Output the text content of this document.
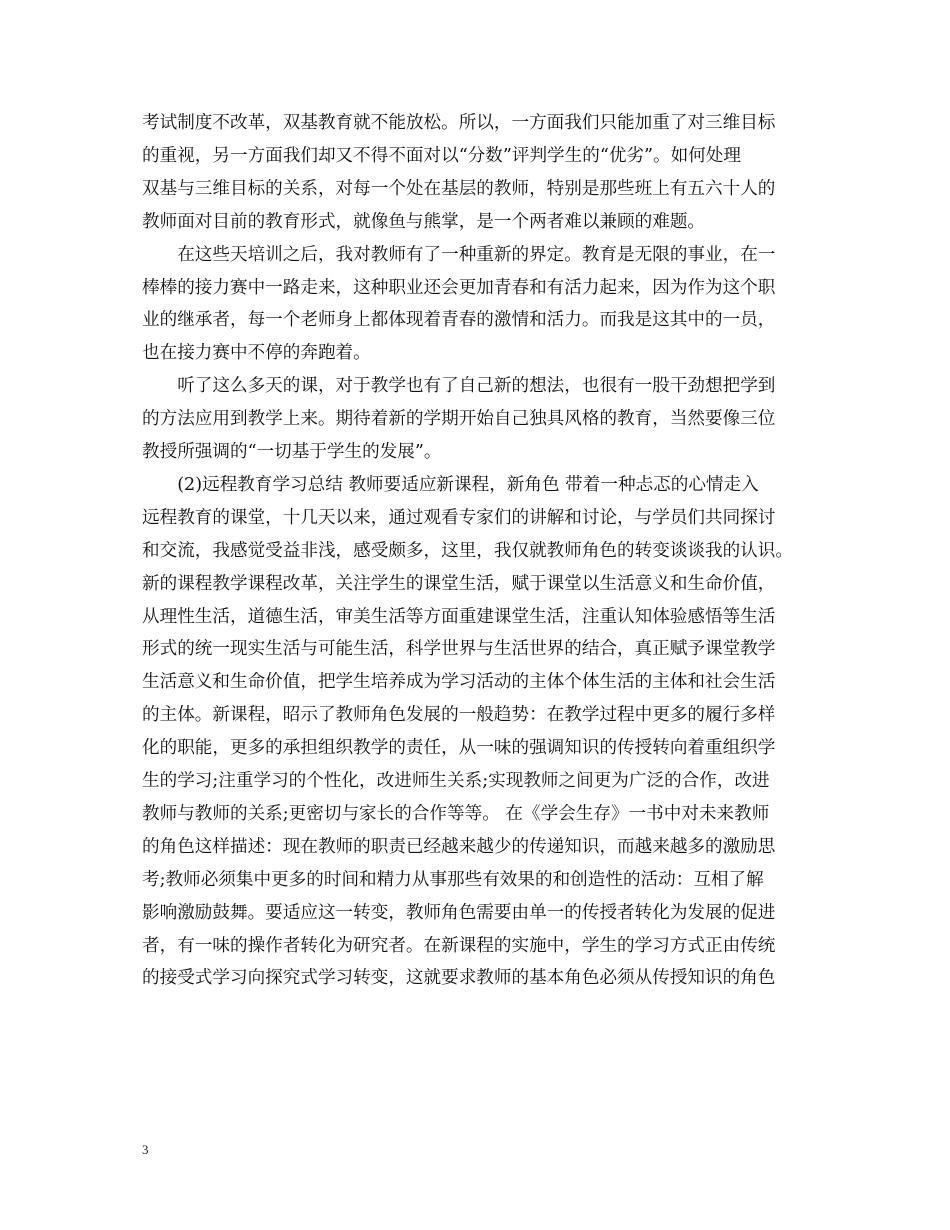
考试制度不改革，双基教育就不能放松。所以，一方面我们只能加重了对三维目标
的重视，另一方面我们却又不得不面对以“分数”评判学生的“优劣”。如何处理
双基与三维目标的关系，对每一个处在基层的教师，特别是那些班上有五六十人的
教师面对目前的教育形式，就像鱼与熊掌，是一个两者难以兼顾的难题。
　　在这些天培训之后，我对教师有了一种重新的界定。教育是无限的事业，在一
棒棒的接力赛中一路走来，这种职业还会更加青春和有活力起来，因为作为这个职
业的继承者，每一个老师身上都体现着青春的激情和活力。而我是这其中的一员，
也在接力赛中不停的奔跑着。
　　听了这么多天的课，对于教学也有了自己新的想法，也很有一股干劲想把学到
的方法应用到教学上来。期待着新的学期开始自己独具风格的教育，当然要像三位
教授所强调的“一切基于学生的发展”。
　　(2)远程教育学习总结 教师要适应新课程，新角色 带着一种忐忑的心情走入
远程教育的课堂，十几天以来，通过观看专家们的讲解和讨论，与学员们共同探讨
和交流，我感觉受益非浅，感受颇多，这里，我仅就教师角色的转变谈谈我的认识。
新的课程教学课程改革，关注学生的课堂生活，赋于课堂以生活意义和生命价值，
从理性生活，道德生活，审美生活等方面重建课堂生活，注重认知体验感悟等生活
形式的统一现实生活与可能生活，科学世界与生活世界的结合，真正赋予课堂教学
生活意义和生命价值，把学生培养成为学习活动的主体个体生活的主体和社会生活
的主体。新课程，昭示了教师角色发展的一般趋势：在教学过程中更多的履行多样
化的职能，更多的承担组织教学的责任，从一味的强调知识的传授转向着重组织学
生的学习;注重学习的个性化，改进师生关系;实现教师之间更为广泛的合作，改进
教师与教师的关系;更密切与家长的合作等等。 在《学会生存》一书中对未来教师
的角色这样描述：现在教师的职责已经越来越少的传递知识，而越来越多的激励思
考;教师必须集中更多的时间和精力从事那些有效果的和创造性的活动：互相了解
影响激励鼓舞。要适应这一转变，教师角色需要由单一的传授者转化为发展的促进
者，有一味的操作者转化为研究者。在新课程的实施中，学生的学习方式正由传统
的接受式学习向探究式学习转变，这就要求教师的基本角色必须从传授知识的角色
3
